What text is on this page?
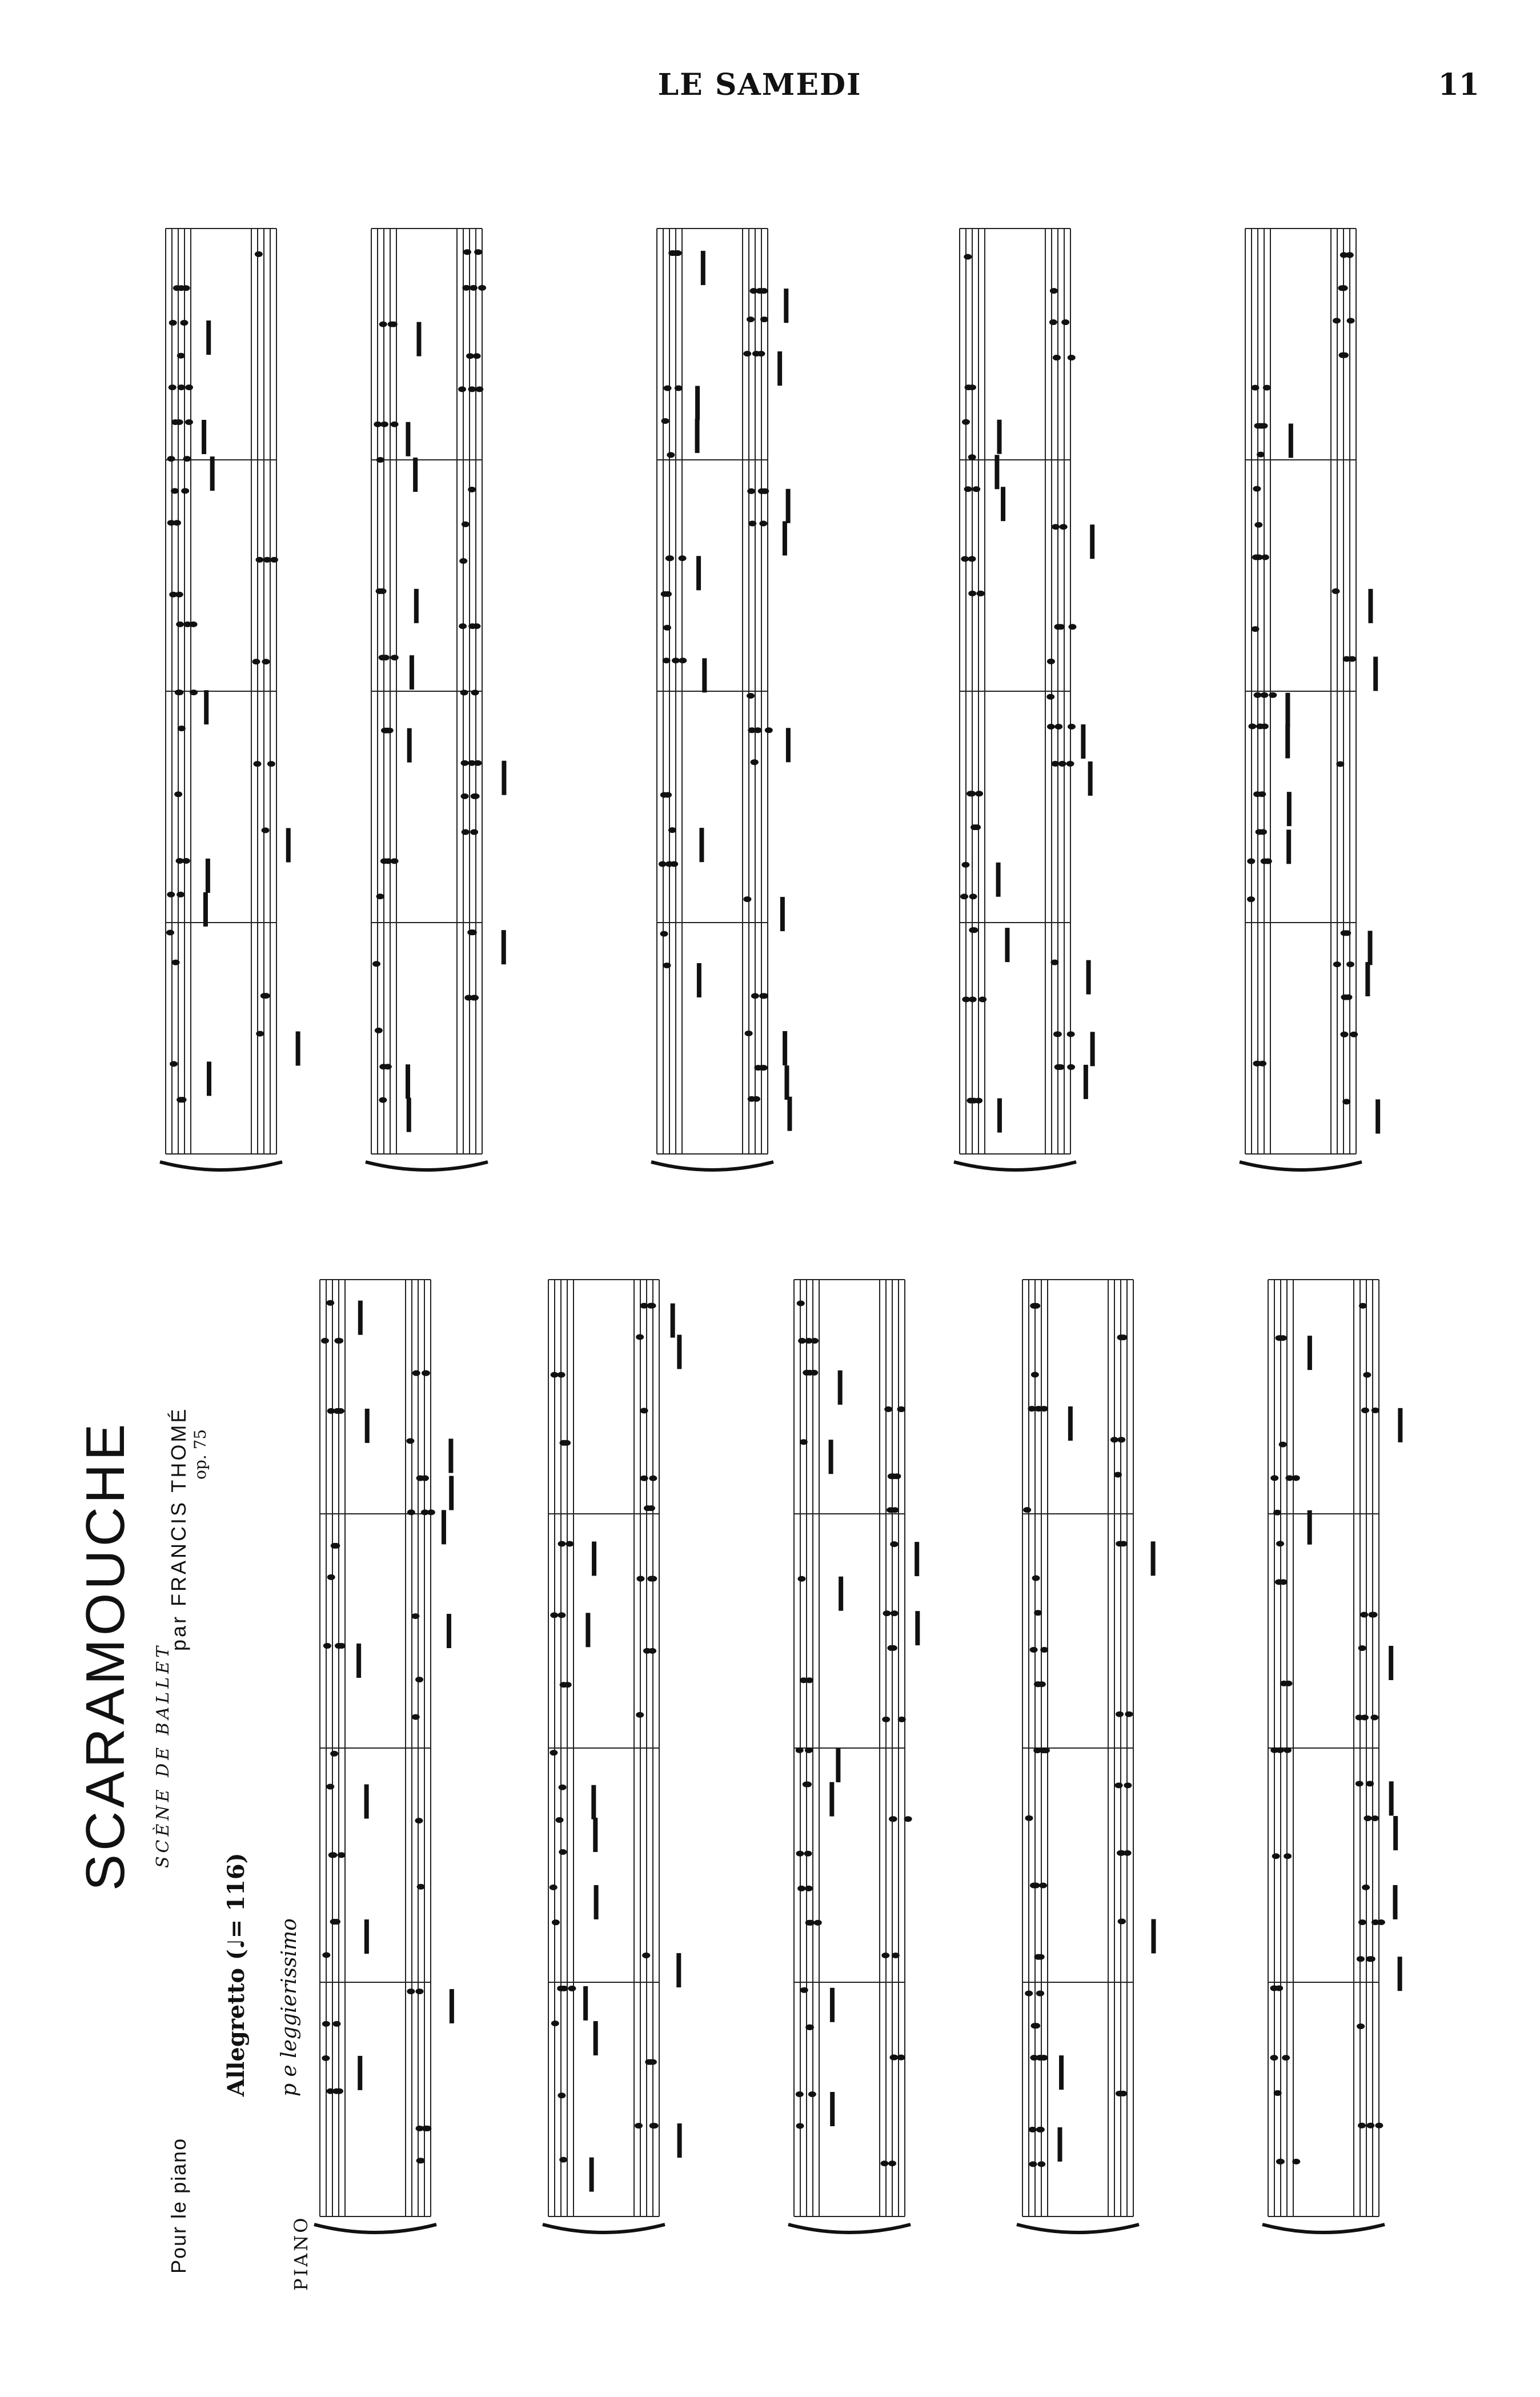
LE SAMEDI	11
SCARAMOUCHE SCÈNE DE BALLET
par FRANCIS THOMÉ op. 75
Pour le piano
Allegretto (♩= 116) p e leggierissimo
PIANO
